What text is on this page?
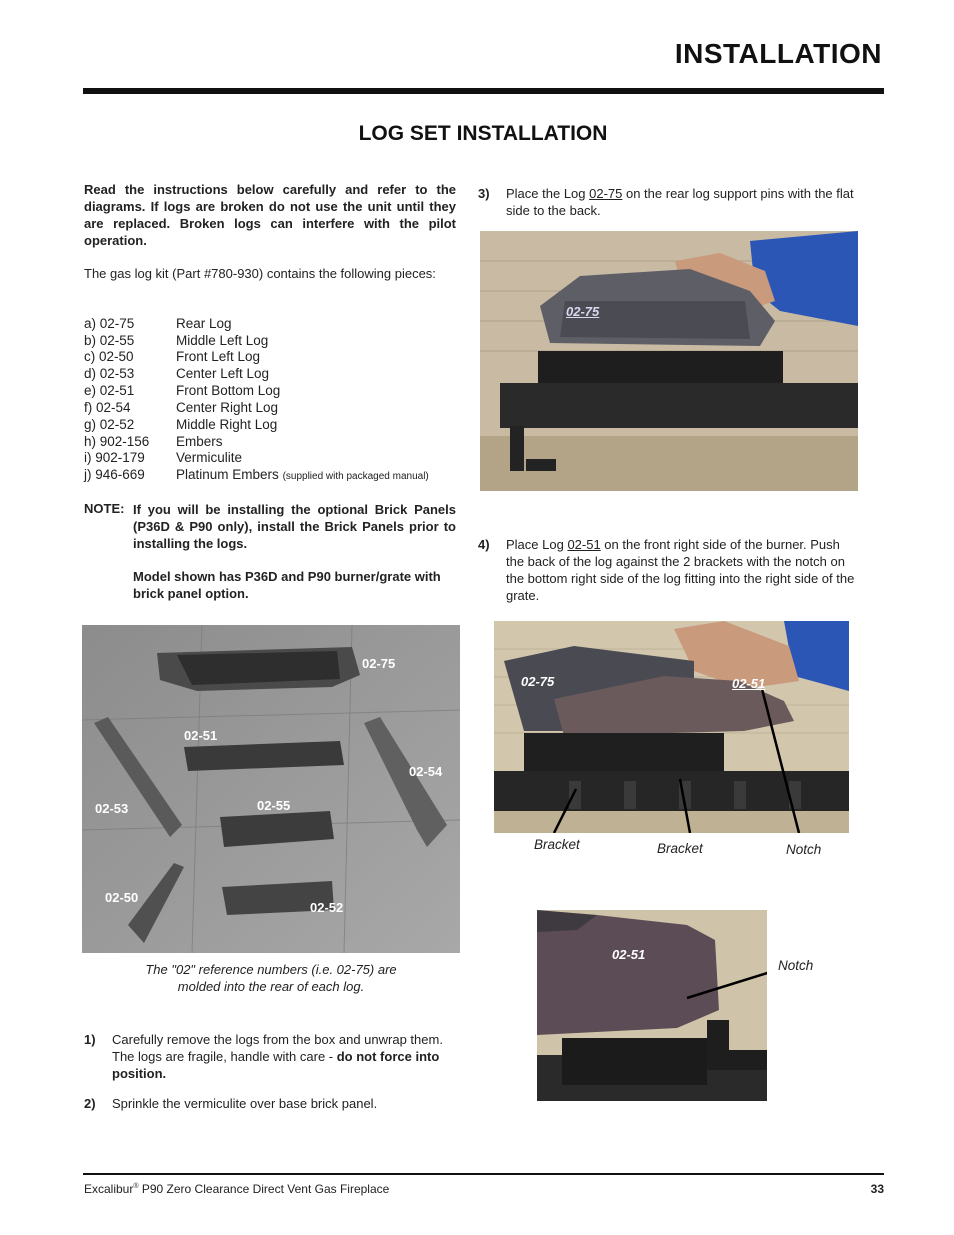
INSTALLATION
LOG SET INSTALLATION
Read the instructions below carefully and refer to the diagrams. If logs are broken do not use the unit until they are replaced. Broken logs can interfere with the pilot operation.
The gas log kit (Part #780-930) contains the following pieces:
a) 02-75	Rear Log
b) 02-55	Middle Left Log
c) 02-50	Front Left Log
d) 02-53	Center Left Log
e) 02-51	Front Bottom Log
f) 02-54	Center Right Log
g) 02-52	Middle Right Log
h) 902-156	Embers
i) 902-179	Vermiculite
j) 946-669	Platinum Embers (supplied with packaged manual)
NOTE: If you will be installing the optional Brick Panels (P36D & P90 only), install the Brick Panels prior to installing the logs.
Model shown has P36D and P90 burner/grate with brick panel option.
02-75
02-51
02-54
02-53	02-55
02-50
02-52
The "02" reference numbers (i.e. 02-75) are
molded into the rear of each log.
1) Carefully remove the logs from the box and unwrap them. The logs are fragile, handle with care - do not force into position.
2) Sprinkle the vermiculite over base brick panel.
3) Place the Log 02-75 on the rear log support pins with the flat side to the back.
02-75
4) Place Log 02-51 on the front right side of the burner. Push the back of the log against the 2 brackets with the notch on the bottom right side of the log fitting into the right side of the grate.
02-75	02-51
Bracket	Bracket	Notch
02-51
Notch
Excalibur® P90 Zero Clearance Direct Vent Gas Fireplace	33
